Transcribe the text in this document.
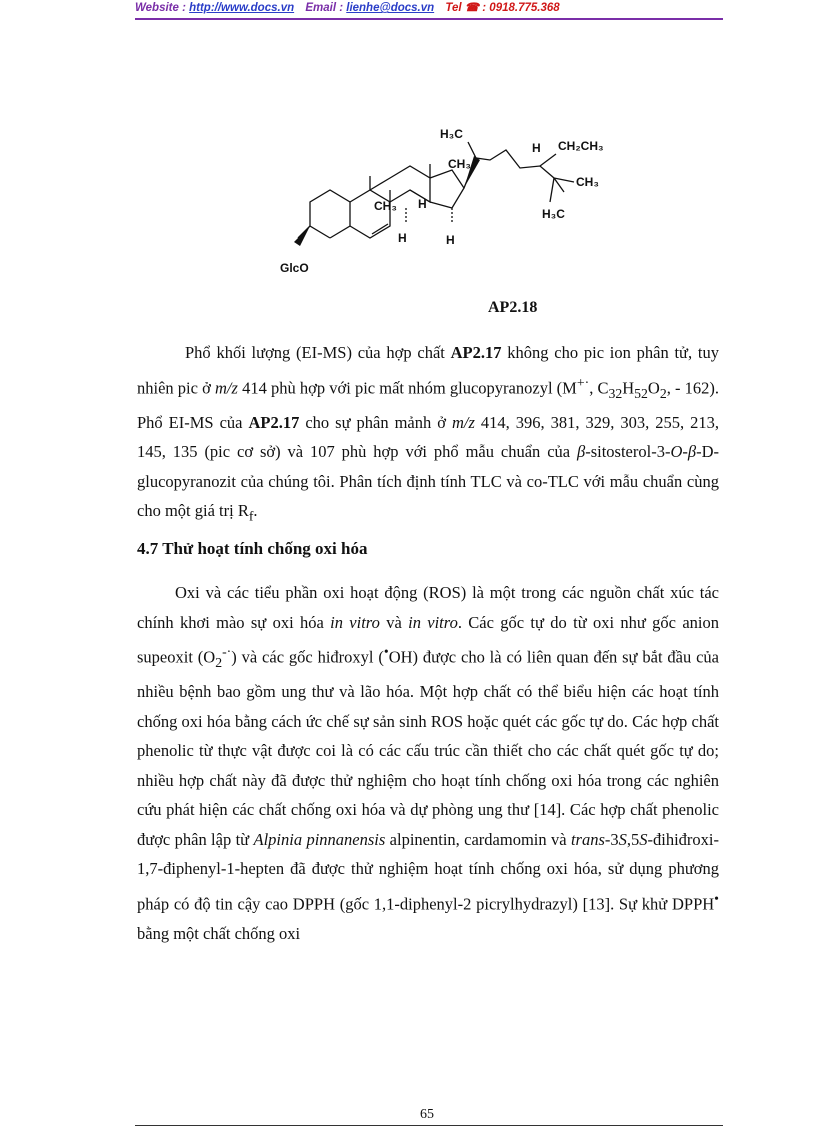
Website : http://www.docs.vn Email : lienhe@docs.vn Tel ☎ : 0918.775.368
H₃C
CH₃
H CH₂CH₃
CH₃
CH₃ H
H
H₃C
H
GlcO
AP2.18
Phổ khối lượng (EI-MS) của hợp chất AP2.17 không cho pic ion phân tử, tuy nhiên pic ở m/z 414 phù hợp với pic mất nhóm glucopyranozyl (M+·, $C_{32}H_{52}O_2$, - 162). Phổ EI-MS của AP2.17 cho sự phân mảnh ở m/z 414, 396, 381, 329, 303, 255, 213, 145, 135 (pic cơ sở) và 107 phù hợp với phổ mẫu chuẩn của β-sitosterol-3-O-β-D-glucopyranozit của chúng tôi. Phân tích định tính TLC và co-TLC với mẫu chuẩn cùng cho một giá trị $R_f$.
4.7 Thử hoạt tính chống oxi hóa
Oxi và các tiểu phần oxi hoạt động (ROS) là một trong các nguồn chất xúc tác chính khơi mào sự oxi hóa in vitro và in vitro. Các gốc tự do từ oxi như gốc anion supeoxit $(O_2^{-\cdot})$ và các gốc hiđroxyl (•OH) được cho là có liên quan đến sự bắt đầu của nhiều bệnh bao gồm ung thư và lão hóa. Một hợp chất có thể biểu hiện các hoạt tính chống oxi hóa bằng cách ức chế sự sản sinh ROS hoặc quét các gốc tự do. Các hợp chất phenolic từ thực vật được coi là có các cấu trúc cần thiết cho các chất quét gốc tự do; nhiều hợp chất này đã được thử nghiệm cho hoạt tính chống oxi hóa trong các nghiên cứu phát hiện các chất chống oxi hóa và dự phòng ung thư [14]. Các hợp chất phenolic được phân lập từ Alpinia pinnanensis alpinentin, cardamomin và trans-3S,5S-đihiđroxi-1,7-điphenyl-1-hepten đã được thử nghiệm hoạt tính chống oxi hóa, sử dụng phương pháp có độ tin cậy cao DPPH (gốc 1,1-diphenyl-2 picrylhydrazyl) [13]. Sự khử DPPH• bằng một chất chống oxi
65
